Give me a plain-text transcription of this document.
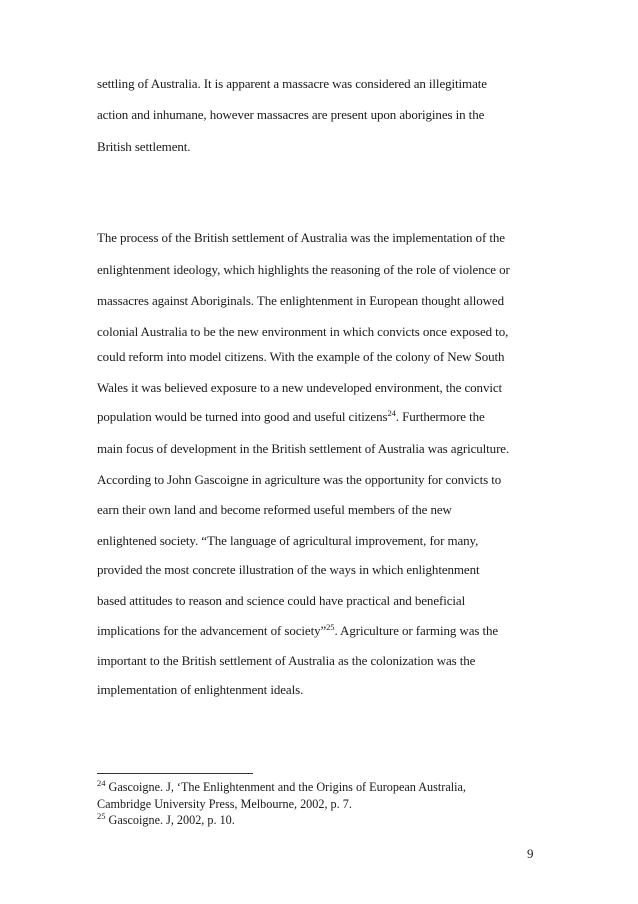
settling of Australia. It is apparent a massacre was considered an illegitimate
action and inhumane, however massacres are present upon aborigines in the
British settlement.
The process of the British settlement of Australia was the implementation of the
enlightenment ideology, which highlights the reasoning of the role of violence or
massacres against Aboriginals. The enlightenment in European thought allowed
colonial Australia to be the new environment in which convicts once exposed to,
could reform into model citizens. With the example of the colony of New South
Wales it was believed exposure to a new undeveloped environment, the convict
population would be turned into good and useful citizens$^{24}$. Furthermore the
main focus of development in the British settlement of Australia was agriculture.
According to John Gascoigne in agriculture was the opportunity for convicts to
earn their own land and become reformed useful members of the new
enlightened society. “The language of agricultural improvement, for many,
provided the most concrete illustration of the ways in which enlightenment
based attitudes to reason and science could have practical and beneficial
implications for the advancement of society”$^{25}$. Agriculture or farming was the
important to the British settlement of Australia as the colonization was the
implementation of enlightenment ideals.
$^{24}$ Gascoigne. J, ‘The Enlightenment and the Origins of European Australia,
Cambridge University Press, Melbourne, 2002, p. 7.
$^{25}$ Gascoigne. J, 2002, p. 10.
9
